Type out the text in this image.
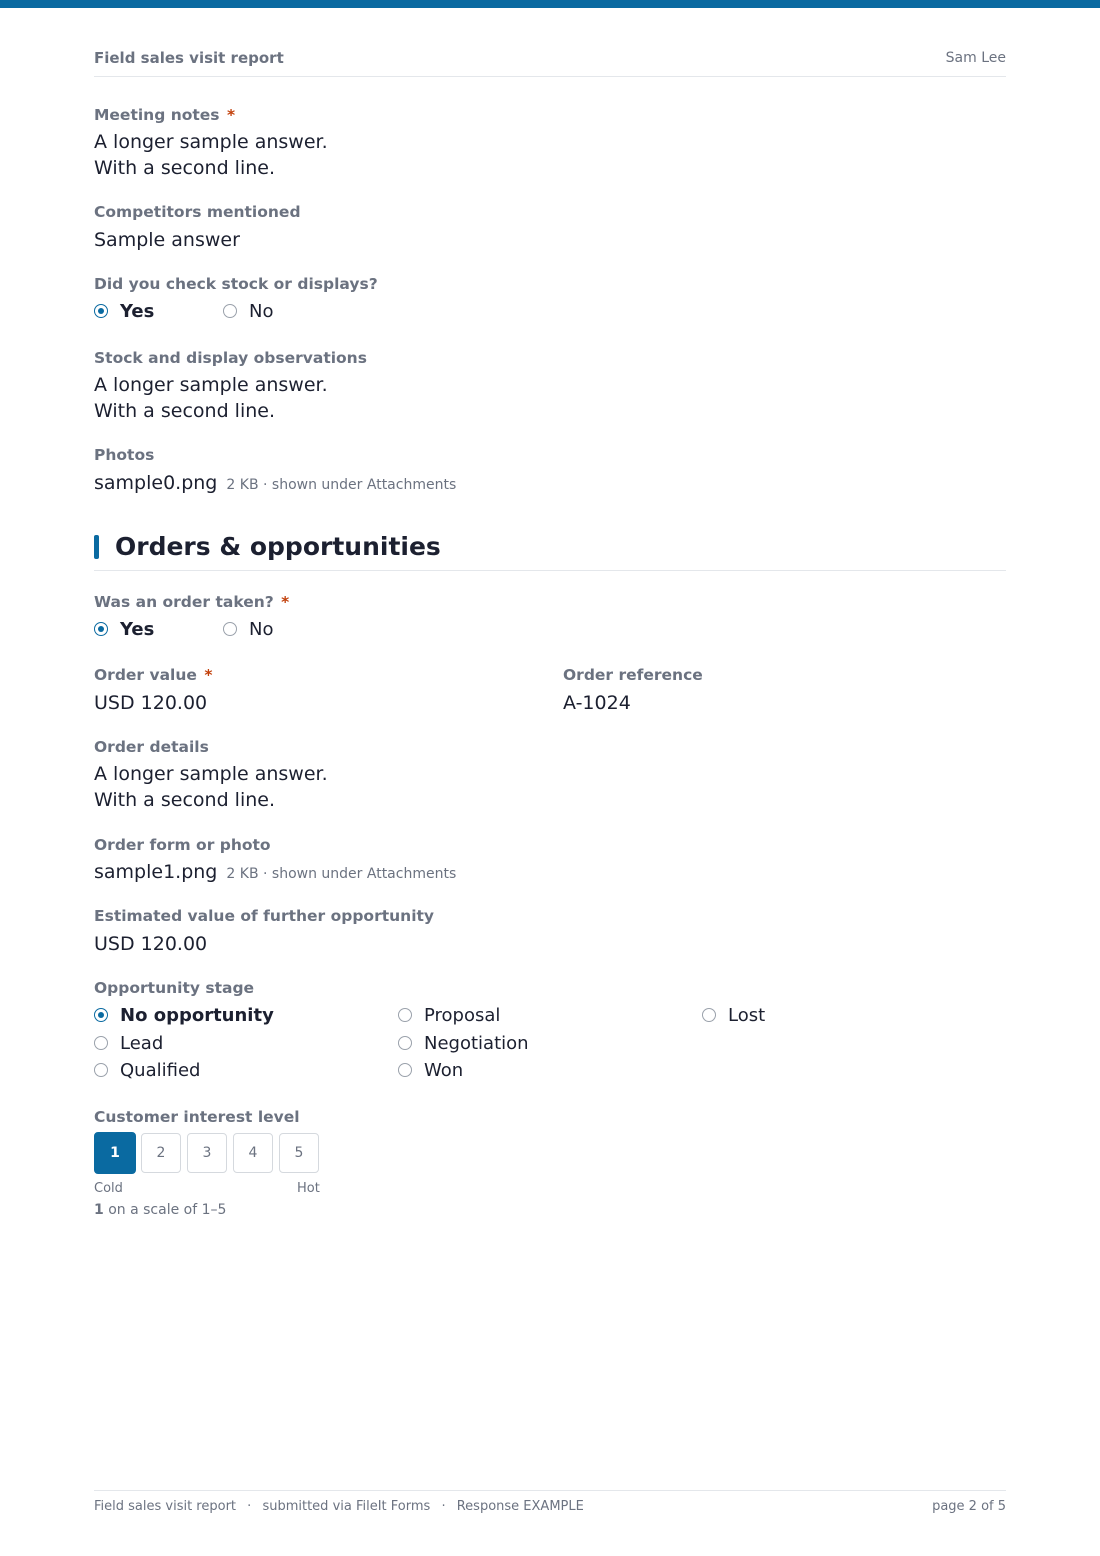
Field sales visit report	Sam Lee
Meeting notes *
A longer sample answer.
With a second line.
Competitors mentioned
Sample answer
Did you check stock or displays?
Yes	No
Stock and display observations
A longer sample answer.
With a second line.
Photos
sample0.png 2 KB · shown under Attachments
Orders & opportunities
Was an order taken? *
Yes	No
Order value *
USD 120.00
Order reference
A-1024
Order details
A longer sample answer.
With a second line.
Order form or photo
sample1.png 2 KB · shown under Attachments
Estimated value of further opportunity
USD 120.00
Opportunity stage
No opportunity
Lead
Qualified
Proposal
Negotiation
Won
Lost
Customer interest level
1	2	3	4	5
Cold	Hot
1 on a scale of 1–5
Field sales visit report · submitted via FileIt Forms · Response EXAMPLE	page 2 of 5
